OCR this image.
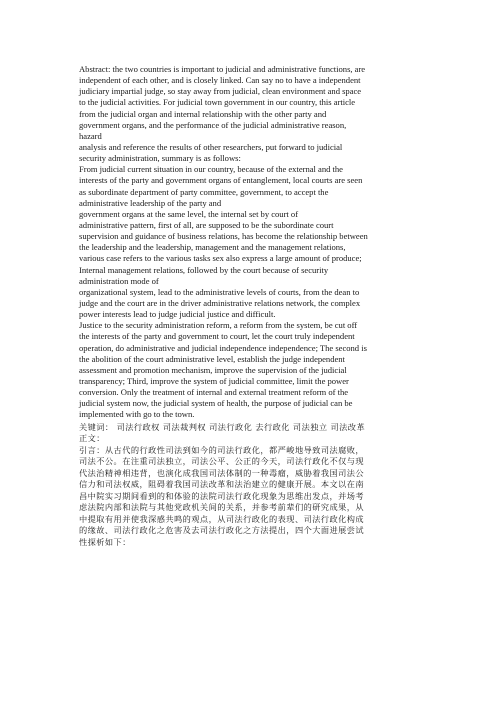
Abstract: the two countries is important to judicial and administrative functions, are
independent of each other, and is closely linked. Can say no to have a independent
judiciary impartial judge, so stay away from judicial, clean environment and space
to the judicial activities. For judicial town government in our country, this article
from the judicial organ and internal relationship with the other party and
government organs, and the performance of the judicial administrative reason,
hazard
analysis and reference the results of other researchers, put forward to judicial
security administration, summary is as follows:
From judicial current situation in our country, because of the external and the
interests of the party and government organs of entanglement, local courts are seen
as subordinate department of party committee, government, to accept the
administrative leadership of the party and
government organs at the same level, the internal set by court of
administrative pattern, first of all, are supposed to be the subordinate court
supervision and guidance of business relations, has become the relationship between
the leadership and the leadership, management and the management relations,
various case refers to the various tasks sex also express a large amount of produce;
Internal management relations, followed by the court because of security
administration mode of
organizational system, lead to the administrative levels of courts, from the dean to
judge and the court are in the driver administrative relations network, the complex
power interests lead to judge judicial justice and difficult.
Justice to the security administration reform, a reform from the system, be cut off
the interests of the party and government to court, let the court truly independent
operation, do administrative and judicial independence independence; The second is
the abolition of the court administrative level, establish the judge independent
assessment and promotion mechanism, improve the supervision of the judicial
transparency; Third, improve the system of judicial committee, limit the power
conversion. Only the treatment of internal and external treatment reform of the
judicial system now, the judicial system of health, the purpose of judicial can be
implemented with go to the town.
关键词： 司法行政权 司法裁判权 司法行政化 去行政化 司法独立 司法改革
正文：
引言：从古代的行政性司法到如今的司法行政化，都严峻地导致司法腐败，
司法不公。在注重司法独立，司法公平、公正的今天，司法行政化不仅与现
代法治精神相违背，也演化成我国司法体制的一种毒瘤，威胁着我国司法公
信力和司法权威，阻碍着我国司法改革和法治建立的健康开展。本文以在南
昌中院实习期间看到的和体验的法院司法行政化现象为思维出发点，并场考
虑法院内部和法院与其他党政机关间的关系，并参考前辈们的研究成果，从
中提取有用并使我深感共鸣的观点，从司法行政化的表现、司法行政化构成
的缘故、司法行政化之危害及去司法行政化之方法提出，四个大面进展尝试
性探析如下：
